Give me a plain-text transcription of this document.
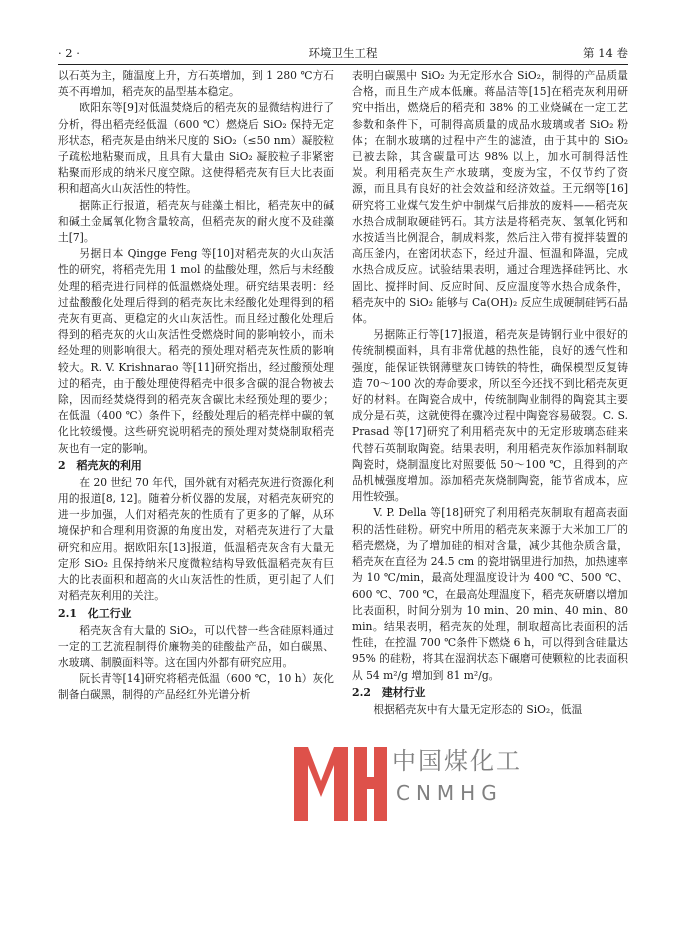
· 2 ·	环境卫生工程	第 14 卷

以石英为主，随温度上升，方石英增加，到 1 280 ℃方石英不再增加，稻壳灰的晶型基本稳定。

欧阳东等[9]对低温焚烧后的稻壳灰的显微结构进行了分析，得出稻壳经低温（600 ℃）燃烧后 SiO₂ 保持无定形状态，稻壳灰是由纳米尺度的 SiO₂（≤50 nm）凝胶粒子疏松地粘聚而成，且具有大量由 SiO₂ 凝胶粒子非紧密粘聚而形成的纳米尺度空隙。这使得稻壳灰有巨大比表面积和超高火山灰活性的特性。

据陈正行报道，稻壳灰与硅藻土相比，稻壳灰中的碱和碱土金属氧化物含量较高，但稻壳灰的耐火度不及硅藻土[7]。

另据日本 Qingge Feng 等[10]对稻壳灰的火山灰活性的研究，将稻壳先用 1 mol 的盐酸处理，然后与未经酸处理的稻壳进行同样的低温燃烧处理。研究结果表明：经过盐酸酸化处理后得到的稻壳灰比未经酸化处理得到的稻壳灰有更高、更稳定的火山灰活性。而且经过酸化处理后得到的稻壳灰的火山灰活性受燃烧时间的影响较小，而未经处理的则影响很大。稻壳的预处理对稻壳灰性质的影响较大。R. V. Krishnarao 等[11]研究指出，经过酸预处理过的稻壳，由于酸处理使得稻壳中很多含碳的混合物被去除，因而经焚烧得到的稻壳灰含碳比未经预处理的要少；在低温（400 ℃）条件下，经酸处理后的稻壳样中碳的氧化比较缓慢。这些研究说明稻壳的预处理对焚烧制取稻壳灰也有一定的影响。

2　稻壳灰的利用

在 20 世纪 70 年代，国外就有对稻壳灰进行资源化利用的报道[8, 12]。随着分析仪器的发展，对稻壳灰研究的进一步加强，人们对稻壳灰的性质有了更多的了解，从环境保护和合理利用资源的角度出发，对稻壳灰进行了大量研究和应用。据欧阳东[13]报道，低温稻壳灰含有大量无定形 SiO₂ 且保持纳米尺度微粒结构导致低温稻壳灰有巨大的比表面积和超高的火山灰活性的性质，更引起了人们对稻壳灰利用的关注。

2.1　化工行业

稻壳灰含有大量的 SiO₂，可以代替一些含硅原料通过一定的工艺流程制得价廉物美的硅酸盐产品，如白碳黑、水玻璃、制膜面料等。这在国内外都有研究应用。

阮长青等[14]研究将稻壳低温（600 ℃，10 h）灰化制备白碳黑，制得的产品经红外光谱分析

表明白碳黑中 SiO₂ 为无定形水合 SiO₂，制得的产品质量合格，而且生产成本低廉。蒋晶洁等[15]在稻壳灰利用研究中指出，燃烧后的稻壳和 38% 的工业烧碱在一定工艺参数和条件下，可制得高质量的成品水玻璃或者 SiO₂ 粉体；在制水玻璃的过程中产生的滤渣，由于其中的 SiO₂ 已被去除，其含碳量可达 98% 以上，加水可制得活性炭。利用稻壳灰生产水玻璃，变废为宝，不仅节约了资源，而且具有良好的社会效益和经济效益。王元纲等[16]研究将工业煤气发生炉中制煤气后排放的废料——稻壳灰水热合成制取硬硅钙石。其方法是将稻壳灰、氢氧化钙和水按适当比例混合，制成料浆，然后注入带有搅拌装置的高压釜内，在密闭状态下，经过升温、恒温和降温，完成水热合成反应。试验结果表明，通过合理选择硅钙比、水固比、搅拌时间、反应时间、反应温度等水热合成条件，稻壳灰中的 SiO₂ 能够与 Ca(OH)₂ 反应生成硬制硅钙石晶体。

另据陈正行等[17]报道，稻壳灰是铸钢行业中很好的传统制模面料，具有非常优越的热性能，良好的透气性和强度，能保证铁钢薄壁灰口铸铁的特性，确保模型反复铸造 70～100 次的寿命要求，所以至今还找不到比稻壳灰更好的材料。在陶瓷合成中，传统制陶业制得的陶瓷其主要成分是石英，这就使得在骤冷过程中陶瓷容易破裂。C. S. Prasad 等[17]研究了利用稻壳灰中的无定形玻璃态硅来代替石英制取陶瓷。结果表明，利用稻壳灰作添加料制取陶瓷时，烧制温度比对照要低 50～100 ℃，且得到的产品机械强度增加。添加稻壳灰烧制陶瓷，能节省成本，应用性较强。

V. P. Della 等[18]研究了利用稻壳灰制取有超高表面积的活性硅粉。研究中所用的稻壳灰来源于大米加工厂的稻壳燃烧，为了增加硅的相对含量，减少其他杂质含量，稻壳灰在直径为 24.5 cm 的瓷坩锅里进行加热，加热速率为 10 ℃/min，最高处理温度设计为 400 ℃、500 ℃、600 ℃、700 ℃，在最高处理温度下，稻壳灰研磨以增加比表面积，时间分别为 10 min、20 min、40 min、80 min。结果表明，稻壳灰的处理，制取超高比表面积的活性硅，在控温 700 ℃条件下燃烧 6 h，可以得到含硅量达 95% 的硅粉，将其在湿润状态下碾磨可使颗粒的比表面积从 54 m²/g 增加到 81 m²/g。

2.2　建材行业

根据稻壳灰中有大量无定形态的 SiO₂，低温

中国煤化工
CNMHG
